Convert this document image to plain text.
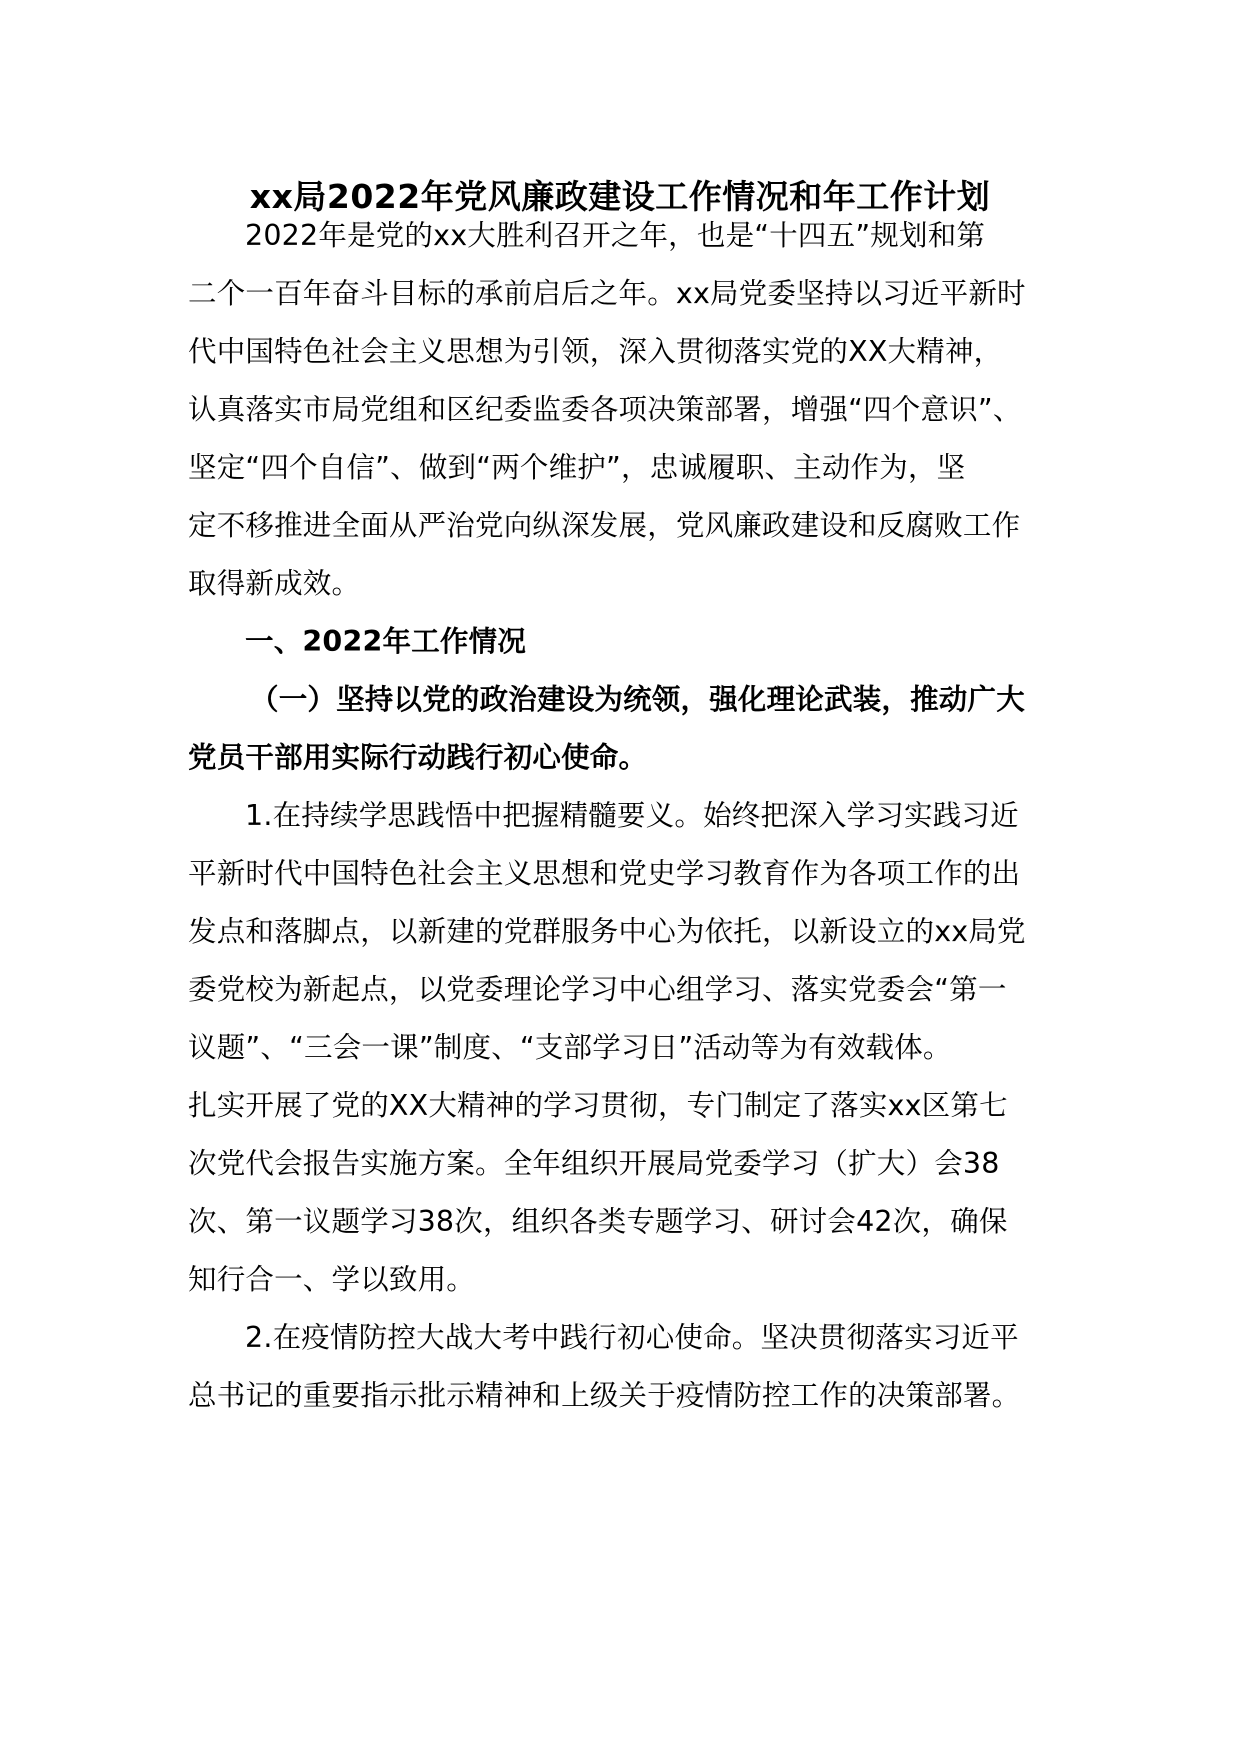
xx局2022年党风廉政建设工作情况和年工作计划
2022年是党的xx大胜利召开之年，也是“十四五”规划和第
二个一百年奋斗目标的承前启后之年。xx局党委坚持以习近平新时
代中国特色社会主义思想为引领，深入贯彻落实党的XX大精神，
认真落实市局党组和区纪委监委各项决策部署，增强“四个意识”、
坚定“四个自信”、做到“两个维护”，忠诚履职、主动作为，坚
定不移推进全面从严治党向纵深发展，党风廉政建设和反腐败工作
取得新成效。
一、2022年工作情况
（一）坚持以党的政治建设为统领，强化理论武装，推动广大
党员干部用实际行动践行初心使命。
1.在持续学思践悟中把握精髓要义。始终把深入学习实践习近
平新时代中国特色社会主义思想和党史学习教育作为各项工作的出
发点和落脚点，以新建的党群服务中心为依托，以新设立的xx局党
委党校为新起点，以党委理论学习中心组学习、落实党委会“第一
议题”、“三会一课”制度、“支部学习日”活动等为有效载体。
扎实开展了党的XX大精神的学习贯彻，专门制定了落实xx区第七
次党代会报告实施方案。全年组织开展局党委学习（扩大）会38
次、第一议题学习38次，组织各类专题学习、研讨会42次，确保
知行合一、学以致用。
2.在疫情防控大战大考中践行初心使命。坚决贯彻落实习近平
总书记的重要指示批示精神和上级关于疫情防控工作的决策部署。
